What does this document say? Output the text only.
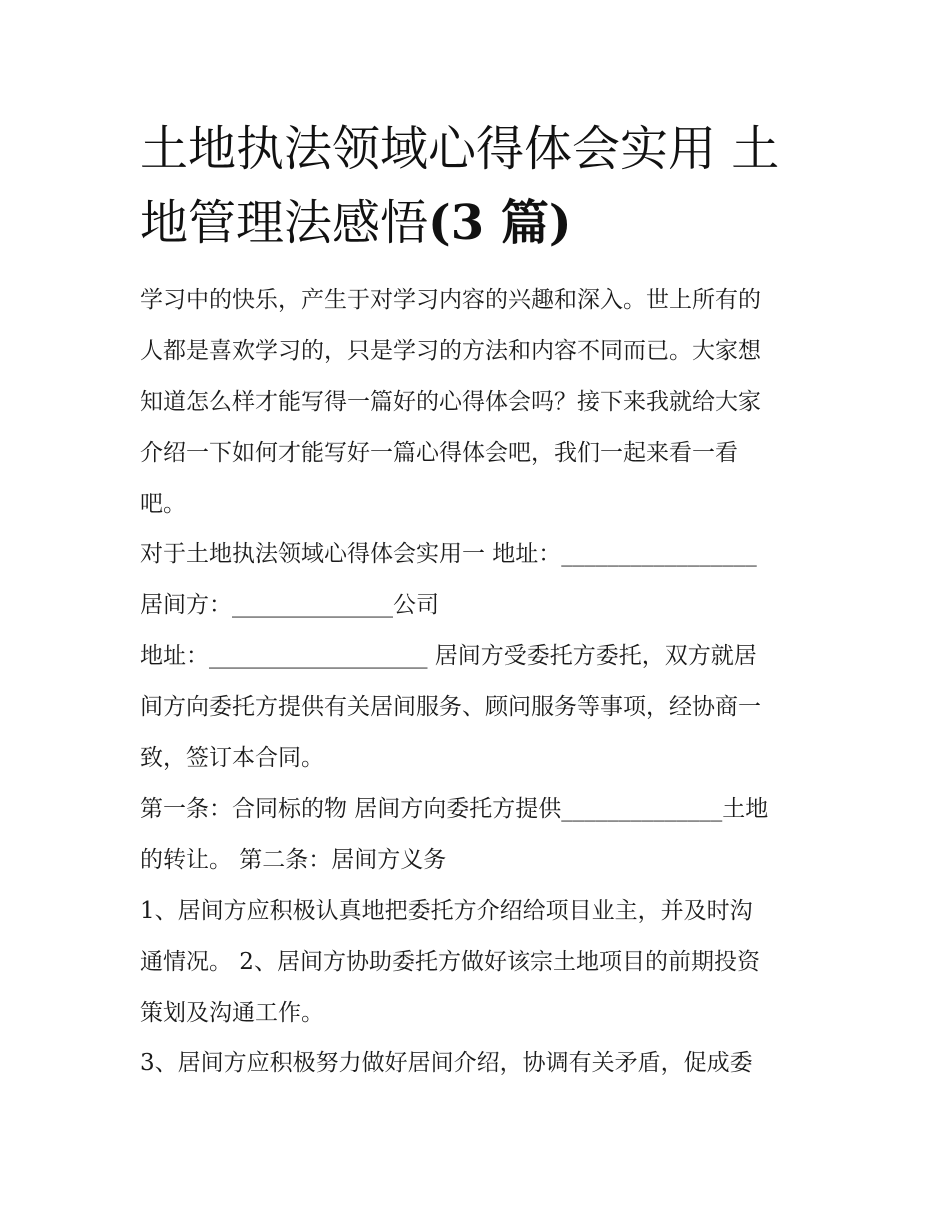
土地执法领域心得体会实用 土
地管理法感悟(3 篇)
学习中的快乐，产生于对学习内容的兴趣和深入。世上所有的
人都是喜欢学习的，只是学习的方法和内容不同而已。大家想
知道怎么样才能写得一篇好的心得体会吗？接下来我就给大家
介绍一下如何才能写好一篇心得体会吧，我们一起来看一看
吧。
对于土地执法领域心得体会实用一 地址：_________________
居间方：______________公司
地址：___________________ 居间方受委托方委托，双方就居
间方向委托方提供有关居间服务、顾问服务等事项，经协商一
致，签订本合同。
第一条：合同标的物 居间方向委托方提供______________土地
的转让。 第二条：居间方义务
1、居间方应积极认真地把委托方介绍给项目业主，并及时沟
通情况。 2、居间方协助委托方做好该宗土地项目的前期投资
策划及沟通工作。
3、居间方应积极努力做好居间介绍，协调有关矛盾，促成委
